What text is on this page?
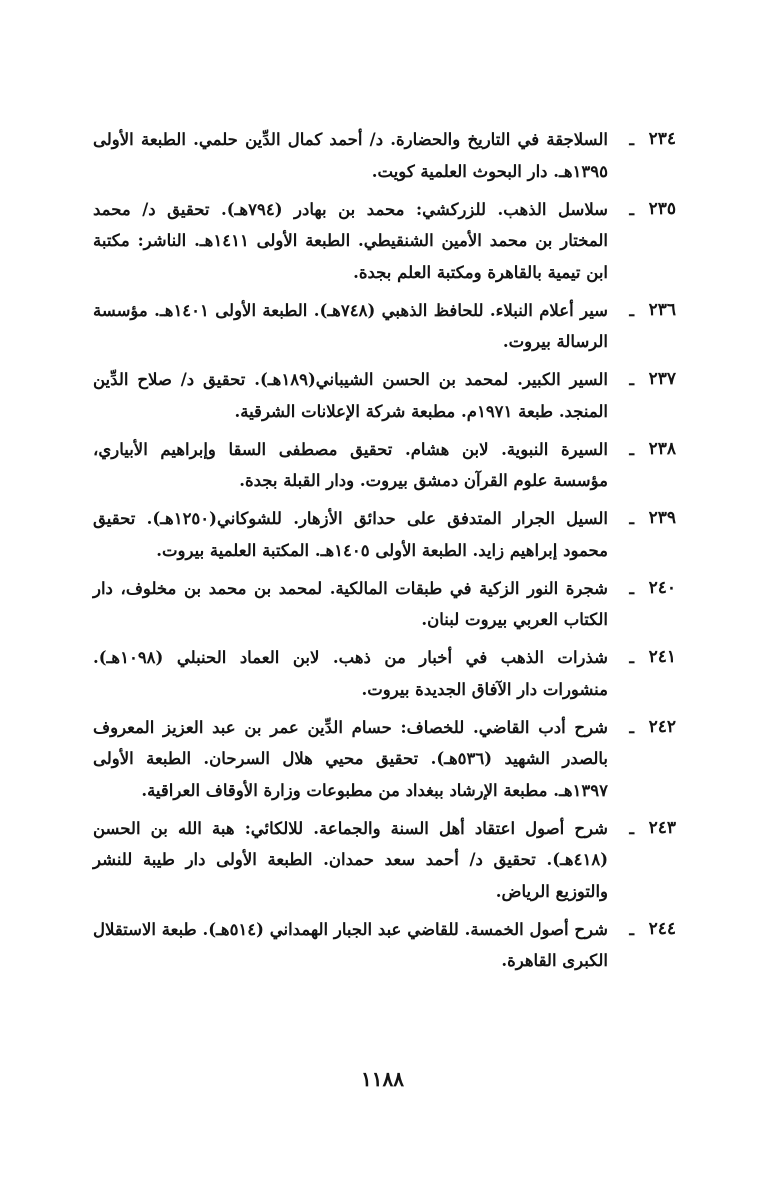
٢٣٤
ـ
السلاجقة في التاريخ والحضارة. د/ أحمد كمال الدِّين حلمي. الطبعة الأولى ١٣٩٥هـ. دار البحوث العلمية كويت.
٢٣٥
ـ
سلاسل الذهب. للزركشي: محمد بن بهادر (٧٩٤هـ). تحقيق د/ محمد المختار بن محمد الأمين الشنقيطي. الطبعة الأولى ١٤١١هـ. الناشر: مكتبة ابن تيمية بالقاهرة ومكتبة العلم بجدة.
٢٣٦
ـ
سير أعلام النبلاء. للحافظ الذهبي (٧٤٨هـ). الطبعة الأولى ١٤٠١هـ. مؤسسة الرسالة بيروت.
٢٣٧
ـ
السير الكبير. لمحمد بن الحسن الشيباني(١٨٩هـ). تحقيق د/ صلاح الدِّين المنجد. طبعة ١٩٧١م. مطبعة شركة الإعلانات الشرقية.
٢٣٨
ـ
السيرة النبوية. لابن هشام. تحقيق مصطفى السقا وإبراهيم الأبياري، مؤسسة علوم القرآن دمشق بيروت. ودار القبلة بجدة.
٢٣٩
ـ
السيل الجرار المتدفق على حدائق الأزهار. للشوكاني(١٢٥٠هـ). تحقيق محمود إبراهيم زايد. الطبعة الأولى ١٤٠٥هـ. المكتبة العلمية بيروت.
٢٤٠
ـ
شجرة النور الزكية في طبقات المالكية. لمحمد بن محمد بن مخلوف، دار الكتاب العربي بيروت لبنان.
٢٤١
ـ
شذرات الذهب في أخبار من ذهب. لابن العماد الحنبلي (١٠٩٨هـ). منشورات دار الآفاق الجديدة بيروت.
٢٤٢
ـ
شرح أدب القاضي. للخصاف: حسام الدِّين عمر بن عبد العزيز المعروف بالصدر الشهيد (٥٣٦هـ). تحقيق محيي هلال السرحان. الطبعة الأولى ١٣٩٧هـ. مطبعة الإرشاد ببغداد من مطبوعات وزارة الأوقاف العراقية.
٢٤٣
ـ
شرح أصول اعتقاد أهل السنة والجماعة. للالكائي: هبة الله بن الحسن (٤١٨هـ). تحقيق د/ أحمد سعد حمدان. الطبعة الأولى دار طيبة للنشر والتوزيع الرياض.
٢٤٤
ـ
شرح أصول الخمسة. للقاضي عبد الجبار الهمداني (٥١٤هـ). طبعة الاستقلال الكبرى القاهرة.
١١٨٨
